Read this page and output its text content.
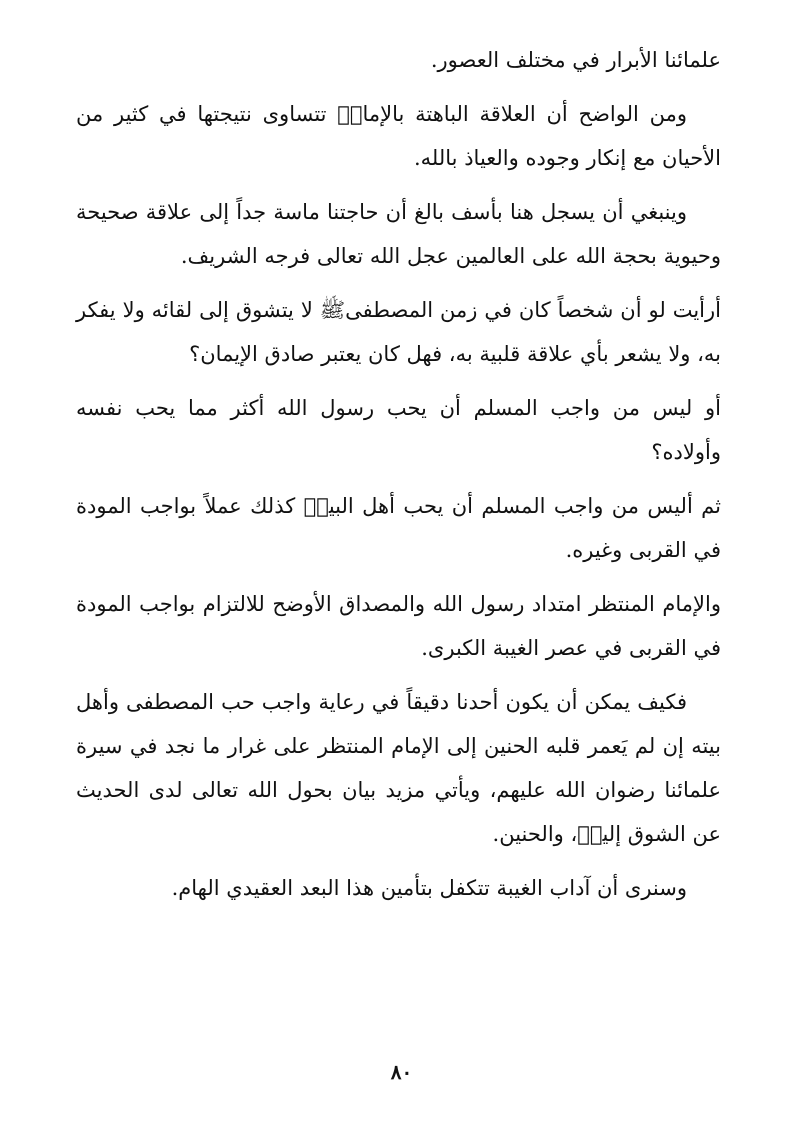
علمائنا الأبرار في مختلف العصور.

ومن الواضح أن العلاقة الباهتة بالإمامؑ تتساوى نتيجتها في كثير من الأحيان مع إنكار وجوده والعياذ بالله.

وينبغي أن يسجل هنا بأسف بالغ أن حاجتنا ماسة جداً إلى علاقة صحيحة وحيوية بحجة الله على العالمين عجل الله تعالى فرجه الشريف.

أرأيت لو أن شخصاً كان في زمن المصطفىﷺ لا يتشوق إلى لقائه ولا يفكر به، ولا يشعر بأي علاقة قلبية به، فهل كان يعتبر صادق الإيمان؟

أو ليس من واجب المسلم أن يحب رسول الله أكثر مما يحب نفسه وأولاده؟

ثم أليس من واجب المسلم أن يحب أهل البيتؑ كذلك عملاً بواجب المودة في القربى وغيره.

والإمام المنتظر امتداد رسول الله والمصداق الأوضح للالتزام بواجب المودة في القربى في عصر الغيبة الكبرى.

فكيف يمكن أن يكون أحدنا دقيقاً في رعاية واجب حب المصطفى وأهل بيته إن لم يَعمر قلبه الحنين إلى الإمام المنتظر على غرار ما نجد في سيرة علمائنا رضوان الله عليهم، ويأتي مزيد بيان بحول الله تعالى لدى الحديث عن الشوق إليهؑ، والحنين.

وسنرى أن آداب الغيبة تتكفل بتأمين هذا البعد العقيدي الهام.

٨٠
